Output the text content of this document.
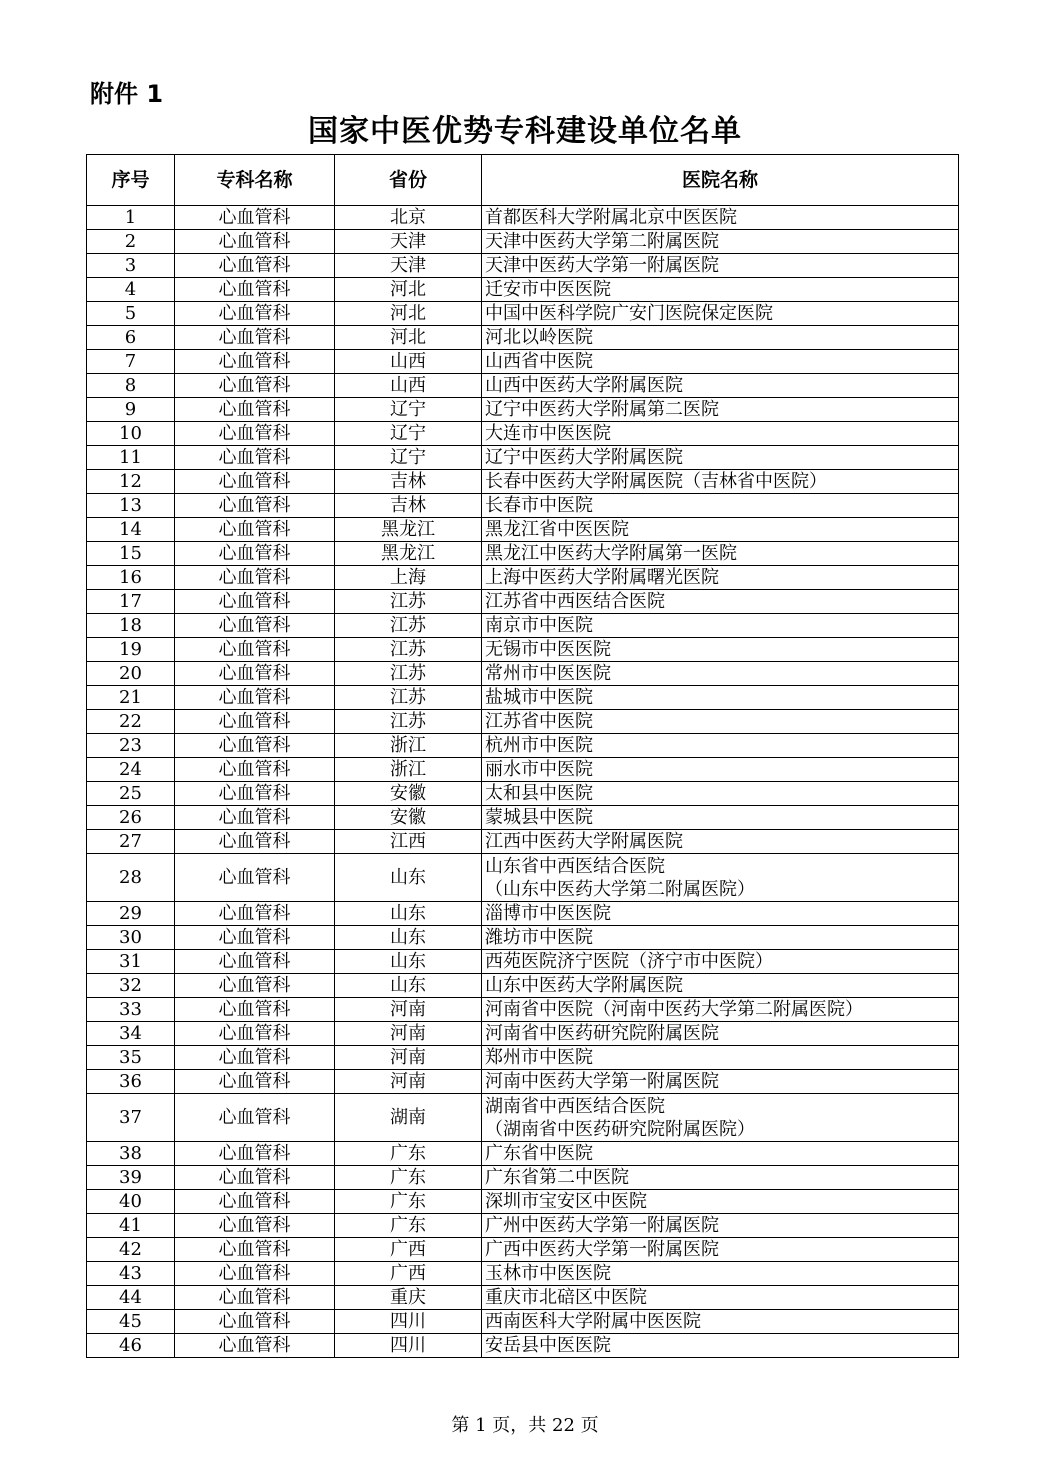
附件 1
国家中医优势专科建设单位名单
序号	专科名称	省份	医院名称
1	心血管科	北京	首都医科大学附属北京中医医院

2	心血管科	天津	天津中医药大学第二附属医院

3	心血管科	天津	天津中医药大学第一附属医院

4	心血管科	河北	迁安市中医医院

5	心血管科	河北	中国中医科学院广安门医院保定医院

6	心血管科	河北	河北以岭医院

7	心血管科	山西	山西省中医院

8	心血管科	山西	山西中医药大学附属医院

9	心血管科	辽宁	辽宁中医药大学附属第二医院

10	心血管科	辽宁	大连市中医医院

11	心血管科	辽宁	辽宁中医药大学附属医院

12	心血管科	吉林	长春中医药大学附属医院（吉林省中医院）

13	心血管科	吉林	长春市中医院

14	心血管科	黑龙江	黑龙江省中医医院

15	心血管科	黑龙江	黑龙江中医药大学附属第一医院

16	心血管科	上海	上海中医药大学附属曙光医院

17	心血管科	江苏	江苏省中西医结合医院

18	心血管科	江苏	南京市中医院

19	心血管科	江苏	无锡市中医医院

20	心血管科	江苏	常州市中医医院

21	心血管科	江苏	盐城市中医院

22	心血管科	江苏	江苏省中医院

23	心血管科	浙江	杭州市中医院

24	心血管科	浙江	丽水市中医院

25	心血管科	安徽	太和县中医院

26	心血管科	安徽	蒙城县中医院

27	心血管科	江西	江西中医药大学附属医院

28	心血管科	山东	山东省中西医结合医院
（山东中医药大学第二附属医院）

29	心血管科	山东	淄博市中医医院

30	心血管科	山东	潍坊市中医院

31	心血管科	山东	西苑医院济宁医院（济宁市中医院）

32	心血管科	山东	山东中医药大学附属医院

33	心血管科	河南	河南省中医院（河南中医药大学第二附属医院）

34	心血管科	河南	河南省中医药研究院附属医院

35	心血管科	河南	郑州市中医院

36	心血管科	河南	河南中医药大学第一附属医院

37	心血管科	湖南	湖南省中西医结合医院
（湖南省中医药研究院附属医院）

38	心血管科	广东	广东省中医院

39	心血管科	广东	广东省第二中医院

40	心血管科	广东	深圳市宝安区中医院

41	心血管科	广东	广州中医药大学第一附属医院

42	心血管科	广西	广西中医药大学第一附属医院

43	心血管科	广西	玉林市中医医院

44	心血管科	重庆	重庆市北碚区中医院

45	心血管科	四川	西南医科大学附属中医医院

46	心血管科	四川	安岳县中医医院
第 1 页，共 22 页
